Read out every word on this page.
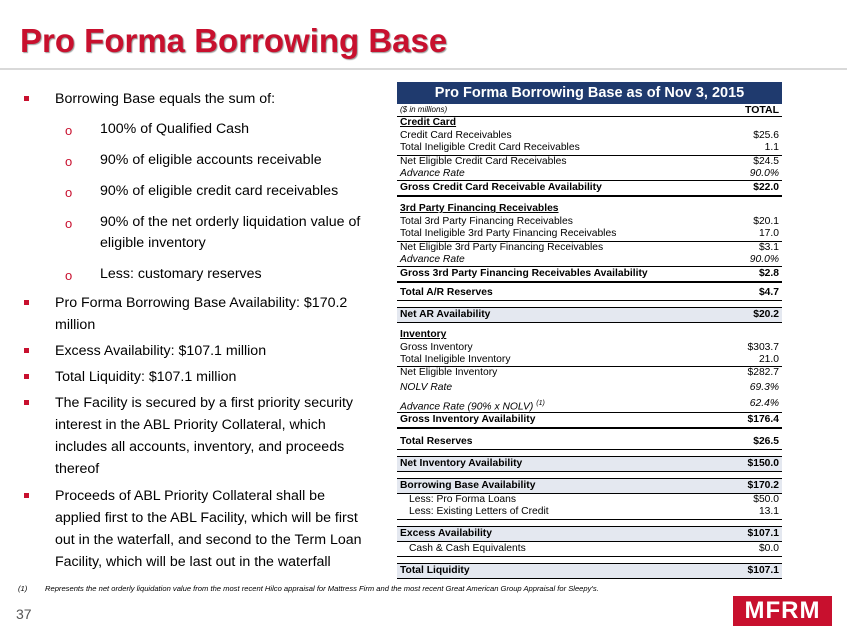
Pro Forma Borrowing Base
Borrowing Base equals the sum of:
o 100% of Qualified Cash
o 90% of eligible accounts receivable
o 90% of eligible credit card receivables
o 90% of the net orderly liquidation value of
eligible inventory
o Less: customary reserves
Pro Forma Borrowing Base Availability: $170.2
million
Excess Availability: $107.1 million
Total Liquidity: $107.1 million
The Facility is secured by a first priority security
interest in the ABL Priority Collateral, which
includes all accounts, inventory, and proceeds
thereof
Proceeds of ABL Priority Collateral shall be
applied first to the ABL Facility, which will be first
out in the waterfall, and second to the Term Loan
Facility, which will be last out in the waterfall
Pro Forma Borrowing Base as of Nov 3, 2015
($ in millions)	TOTAL
Credit Card
Credit Card Receivables	$25.6
Total Ineligible Credit Card Receivables	1.1
Net Eligible Credit Card Receivables	$24.5
Advance Rate	90.0%
Gross Credit Card Receivable Availability	$22.0
3rd Party Financing Receivables
Total 3rd Party Financing Receivables	$20.1
Total Ineligible 3rd Party Financing Receivables	17.0
Net Eligible 3rd Party Financing Receivables	$3.1
Advance Rate	90.0%
Gross 3rd Party Financing Receivables Availability	$2.8
Total A/R Reserves	$4.7
Net AR Availability	$20.2
Inventory
Gross Inventory	$303.7
Total Ineligible Inventory	21.0
Net Eligible Inventory	$282.7
NOLV Rate	69.3%
Advance Rate (90% x NOLV) $^{(1)}$	62.4%
Gross Inventory Availability	$176.4
Total Reserves	$26.5
Net Inventory Availability	$150.0
Borrowing Base Availability	$170.2
Less: Pro Forma Loans	$50.0
Less: Existing Letters of Credit	13.1
Excess Availability	$107.1
Cash & Cash Equivalents	$0.0
Total Liquidity	$107.1
(1) Represents the net orderly liquidation value from the most recent Hilco appraisal for Mattress Firm and the most recent Great American Group Appraisal for Sleepy's.
37	MFRM
